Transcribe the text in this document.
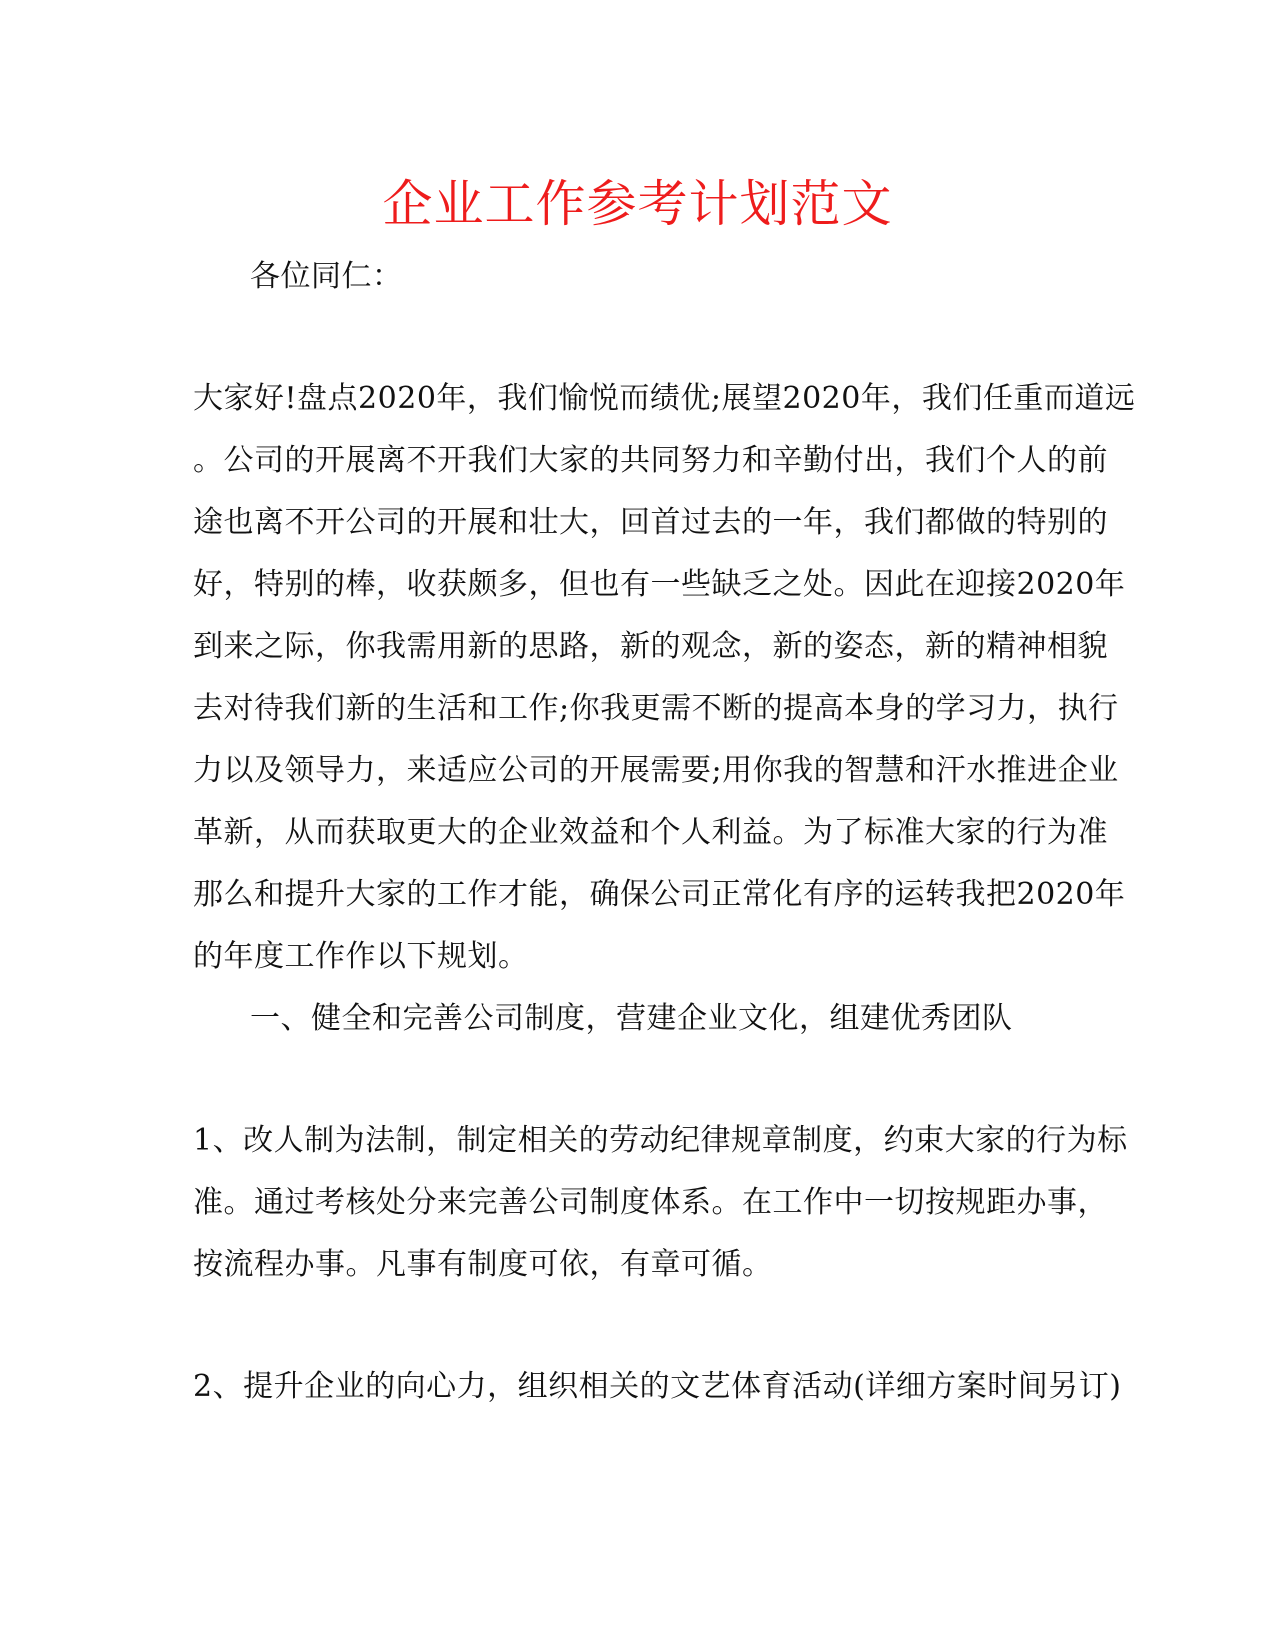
企业工作参考计划范文
各位同仁：
大家好!盘点2020年，我们愉悦而绩优;展望2020年，我们任重而道远
。公司的开展离不开我们大家的共同努力和辛勤付出，我们个人的前
途也离不开公司的开展和壮大，回首过去的一年，我们都做的特别的
好，特别的棒，收获颇多，但也有一些缺乏之处。因此在迎接2020年
到来之际，你我需用新的思路，新的观念，新的姿态，新的精神相貌
去对待我们新的生活和工作;你我更需不断的提高本身的学习力，执行
力以及领导力，来适应公司的开展需要;用你我的智慧和汗水推进企业
革新，从而获取更大的企业效益和个人利益。为了标准大家的行为准
那么和提升大家的工作才能，确保公司正常化有序的运转我把2020年
的年度工作作以下规划。
一、健全和完善公司制度，营建企业文化，组建优秀团队
1、改人制为法制，制定相关的劳动纪律规章制度，约束大家的行为标
准。通过考核处分来完善公司制度体系。在工作中一切按规距办事，
按流程办事。凡事有制度可依，有章可循。
2、提升企业的向心力，组织相关的文艺体育活动(详细方案时间另订)
